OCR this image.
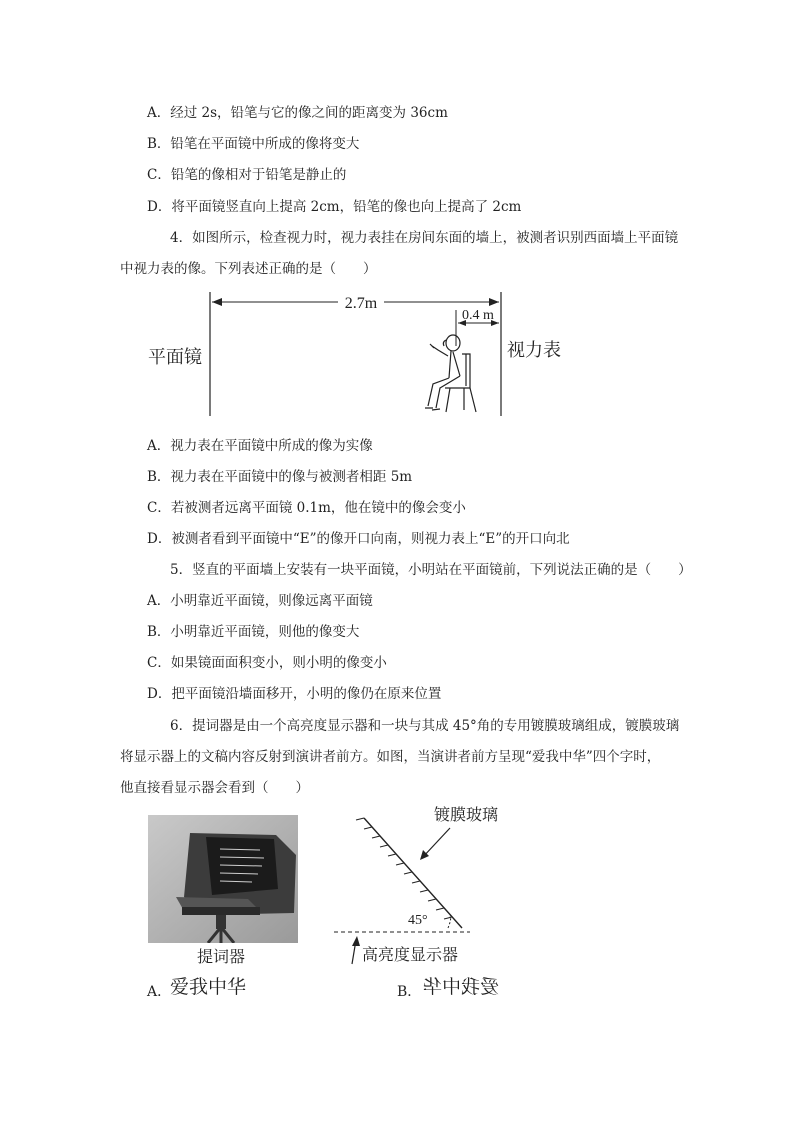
A．经过 2s，铅笔与它的像之间的距离变为 36cm
B．铅笔在平面镜中所成的像将变大
C．铅笔的像相对于铅笔是静止的
D．将平面镜竖直向上提高 2cm，铅笔的像也向上提高了 2cm
4．如图所示，检查视力时，视力表挂在房间东面的墙上，被测者识别西面墙上平面镜
中视力表的像。下列表述正确的是（　　）
2.7m
0.4 m
平面镜	视力表
A．视力表在平面镜中所成的像为实像
B．视力表在平面镜中的像与被测者相距 5m
C．若被测者远离平面镜 0.1m，他在镜中的像会变小
D．被测者看到平面镜中“E”的像开口向南，则视力表上“E”的开口向北
5．竖直的平面墙上安装有一块平面镜，小明站在平面镜前，下列说法正确的是（　　）
A．小明靠近平面镜，则像远离平面镜
B．小明靠近平面镜，则他的像变大
C．如果镜面面积变小，则小明的像变小
D．把平面镜沿墙面移开，小明的像仍在原来位置
6．提词器是由一个高亮度显示器和一块与其成 45°角的专用镀膜玻璃组成，镀膜玻璃
将显示器上的文稿内容反射到演讲者前方。如图，当演讲者前方呈现“爱我中华”四个字时，
他直接看显示器会看到（　　）
提词器
镀膜玻璃
45°
高亮度显示器
A．
爱我中华	B． 爱我中华
